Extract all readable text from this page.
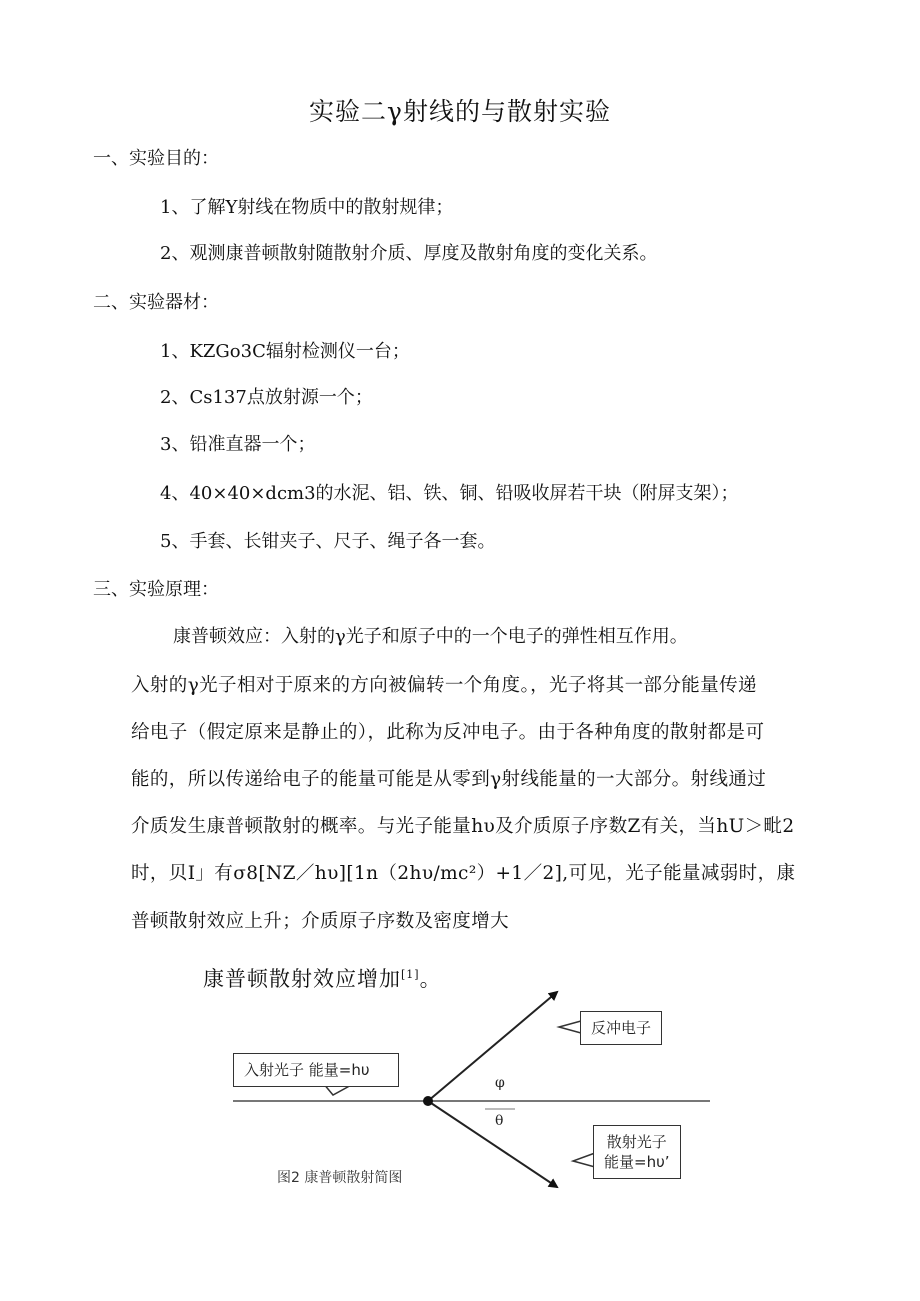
实验二γ射线的与散射实验
一、实验目的：
1、了解Y射线在物质中的散射规律；
2、观测康普顿散射随散射介质、厚度及散射角度的变化关系。
二、实验器材：
1、KZGo3C辐射检测仪一台；
2、Cs137点放射源一个；
3、铅准直器一个；
4、40×40×dcm3的水泥、铝、铁、铜、铅吸收屏若干块（附屏支架）；
5、手套、长钳夹子、尺子、绳子各一套。
三、实验原理：
康普顿效应：入射的γ光子和原子中的一个电子的弹性相互作用。
入射的γ光子相对于原来的方向被偏转一个角度。，光子将其一部分能量传递
给电子（假定原来是静止的），此称为反冲电子。由于各种角度的散射都是可
能的，所以传递给电子的能量可能是从零到γ射线能量的一大部分。射线通过
介质发生康普顿散射的概率。与光子能量hυ及介质原子序数Z有关，当hU＞毗2
时，贝I」有σ8[NZ／hυ][1n（2hυ/mc²）+1／2],可见，光子能量减弱时，康
普顿散射效应上升；介质原子序数及密度增大
康普顿散射效应增加[1]。
入射光子 能量=hυ
反冲电子
散射光子
能量=hυ’
φ
θ
图2 康普顿散射简图
